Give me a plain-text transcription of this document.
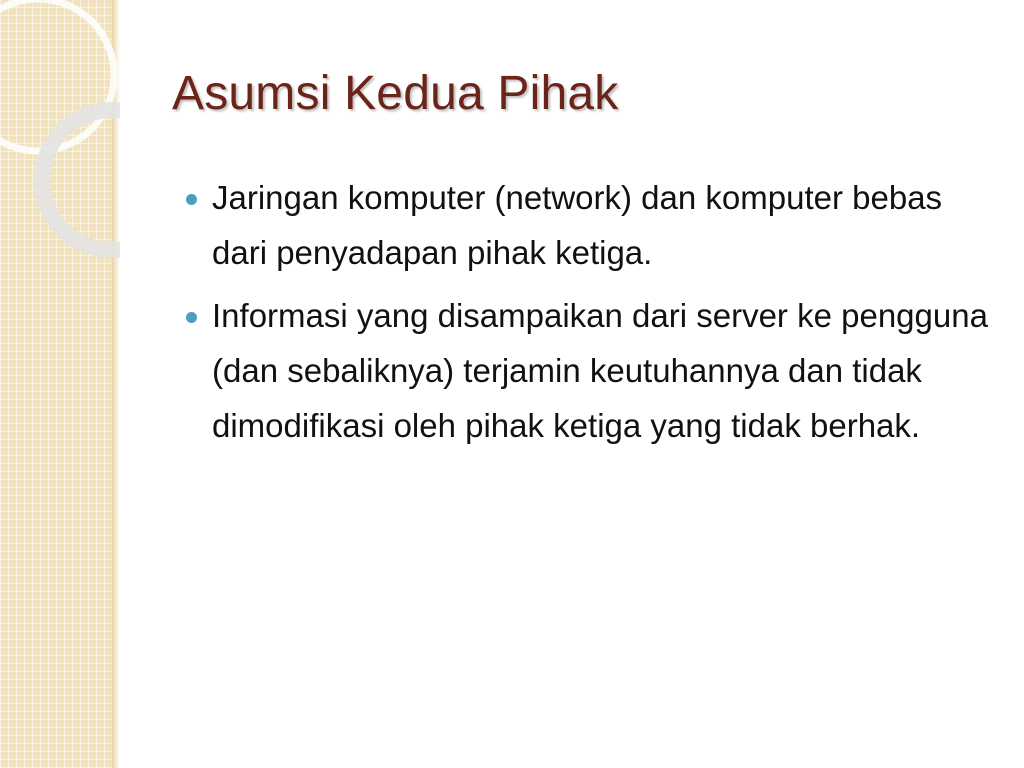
Asumsi Kedua Pihak
Jaringan komputer (network) dan komputer bebas dari penyadapan pihak ketiga.
Informasi yang disampaikan dari server ke pengguna (dan sebaliknya) terjamin keutuhannya dan tidak dimodifikasi oleh pihak ketiga yang tidak berhak.
